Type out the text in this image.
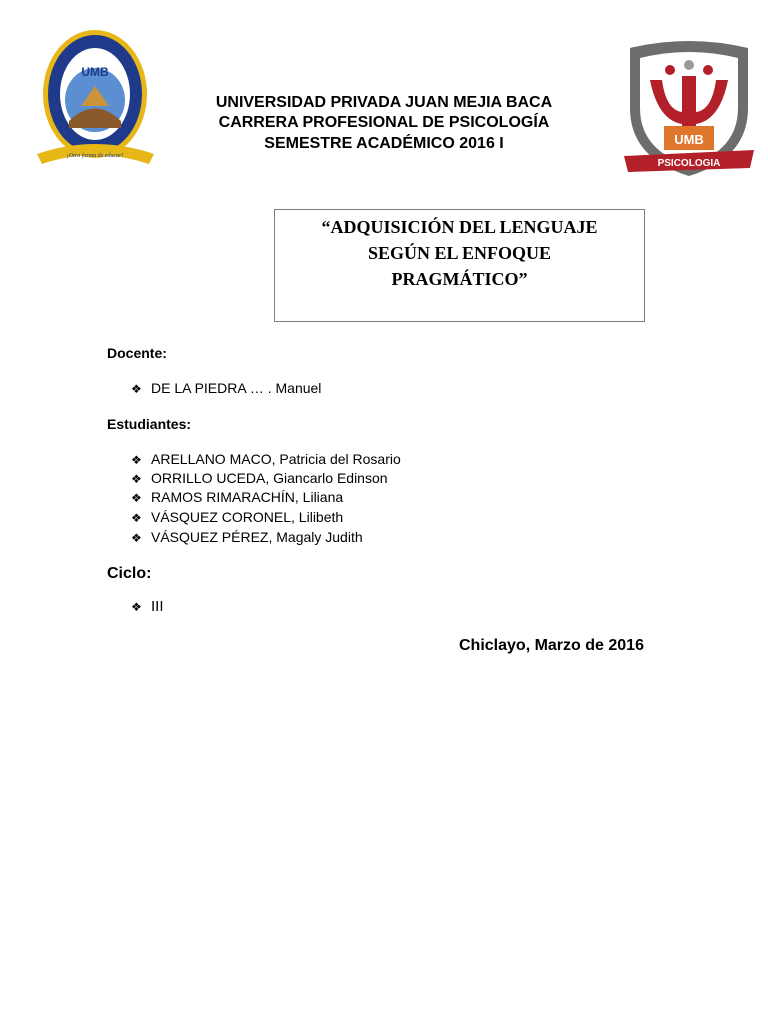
UMB
¡Otra forma de educar!
UMB
PSICOLOGIA
UNIVERSIDAD PRIVADA JUAN MEJIA BACA
CARRERA PROFESIONAL DE PSICOLOGÍA
SEMESTRE ACADÉMICO 2016 I
“ADQUISICIÓN DEL LENGUAJE
SEGÚN EL ENFOQUE
PRAGMÁTICO”
Docente:
❖ DE LA PIEDRA … . Manuel
Estudiantes:
❖ ARELLANO MACO, Patricia del Rosario
❖ ORRILLO UCEDA, Giancarlo Edinson
❖ RAMOS RIMARACHÍN, Liliana
❖ VÁSQUEZ CORONEL, Lilibeth
❖ VÁSQUEZ PÉREZ, Magaly Judith
Ciclo:
❖ III
Chiclayo, Marzo de 2016
